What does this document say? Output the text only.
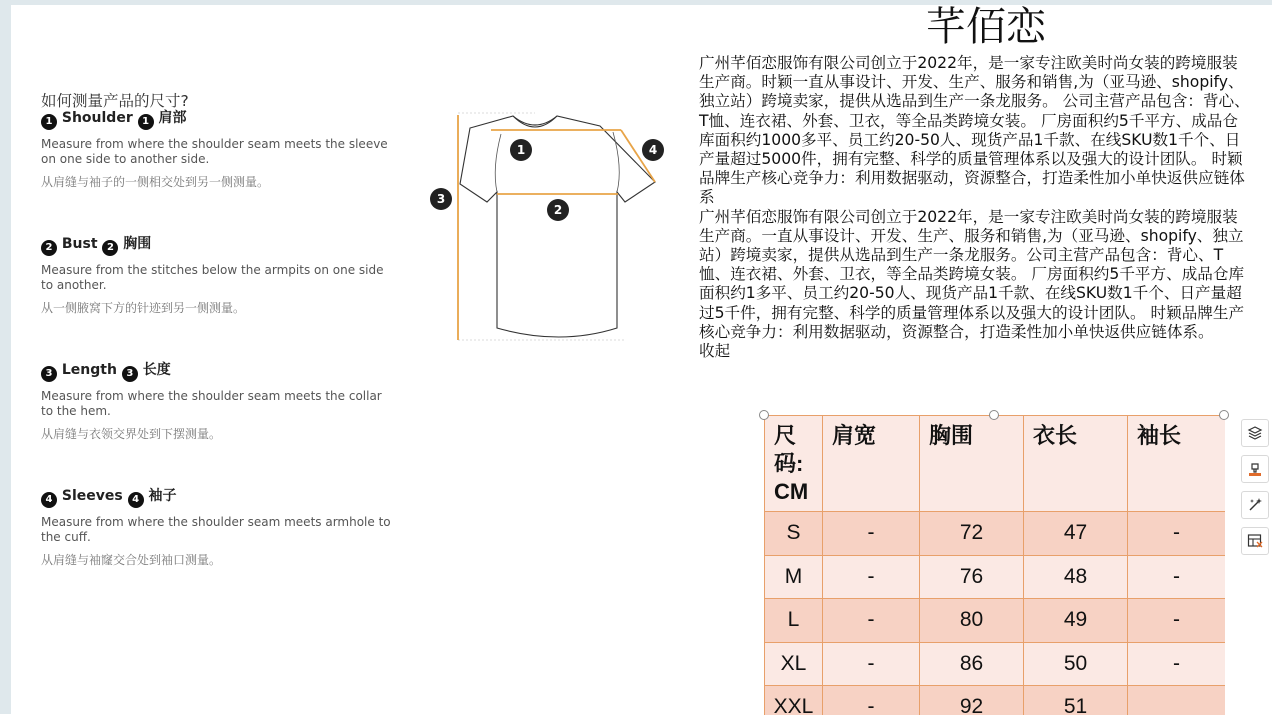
如何测量产品的尺寸?

1 Shoulder 1 肩部
Measure from where the shoulder seam meets the sleeve on one side to another side.
从肩缝与袖子的一侧相交处到另一侧测量。
2 Bust 2 胸围
Measure from the stitches below the armpits on one side to another.
从一侧腋窝下方的针迹到另一侧测量。
3 Length 3 长度
Measure from where the shoulder seam meets the collar to the hem.
从肩缝与衣领交界处到下摆测量。
4 Sleeves 4 袖子
Measure from where the shoulder seam meets armhole to the cuff.
从肩缝与袖窿交合处到袖口测量。
1
2
3
4
芊佰恋

广州芊佰恋服饰有限公司创立于2022年，是一家专注欧美时尚女装的跨境服装生产商。时颖一直从事设计、开发、生产、服务和销售,为（亚马逊、shopify、独立站）跨境卖家，提供从选品到生产一条龙服务。 公司主营产品包含：背心、T恤、连衣裙、外套、卫衣，等全品类跨境女装。 厂房面积约5千平方、成品仓库面积约1000多平、员工约20-50人、现货产品1千款、在线SKU数1千个、日产量超过5000件，拥有完整、科学的质量管理体系以及强大的设计团队。 时颖品牌生产核心竞争力：利用数据驱动，资源整合，打造柔性加小单快返供应链体系

广州芊佰恋服饰有限公司创立于2022年，是一家专注欧美时尚女装的跨境服装生产商。一直从事设计、开发、生产、服务和销售,为（亚马逊、shopify、独立站）跨境卖家，提供从选品到生产一条龙服务。公司主营产品包含：背心、T恤、连衣裙、外套、卫衣，等全品类跨境女装。 厂房面积约5千平方、成品仓库面积约1多平、员工约20-50人、现货产品1千款、在线SKU数1千个、日产量超过5千件，拥有完整、科学的质量管理体系以及强大的设计团队。 时颖品牌生产核心竞争力：利用数据驱动，资源整合，打造柔性加小单快返供应链体系。

收起

尺码:CM	肩宽	胸围	衣长	袖长
S	-	72	47	-
M	-	76	48	-
L	-	80	49	-
XL	-	86	50	-
XXL	-	92	51	
